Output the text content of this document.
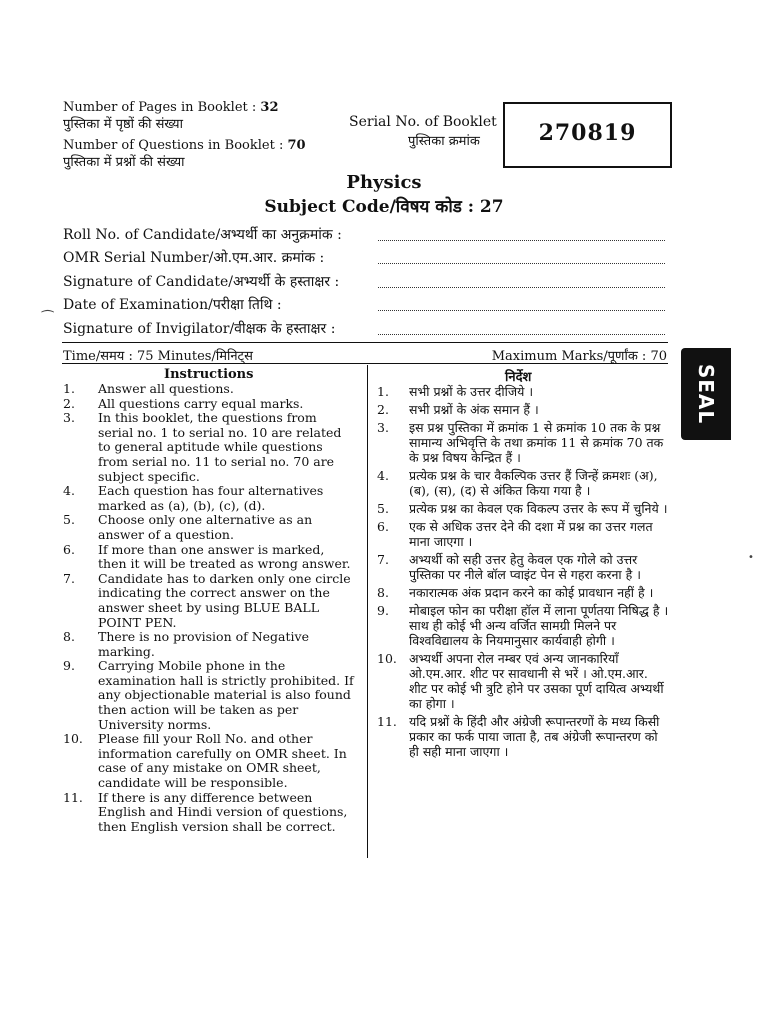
Number of Pages in Booklet : 32
पुस्तिका में पृष्ठों की संख्या
Number of Questions in Booklet : 70
पुस्तिका में प्रश्नों की संख्या
Serial No. of Booklet
पुस्तिका क्रमांक	270819
Physics
Subject Code/विषय कोड : 27
Roll No. of Candidate/अभ्यर्थी का अनुक्रमांक :
OMR Serial Number/ओ.एम.आर. क्रमांक :
Signature of Candidate/अभ्यर्थी के हस्ताक्षर :
Date of Examination/परीक्षा तिथि :
Signature of Invigilator/वीक्षक के हस्ताक्षर :
⁀
Time/समय : 75 Minutes/मिनिट्स	Maximum Marks/पूर्णांक : 70
Instructions
1. Answer all questions.
2. All questions carry equal marks.
3. In this booklet, the questions from serial no. 1 to serial no. 10 are related to general aptitude while questions from serial no. 11 to serial no. 70 are subject specific.
4. Each question has four alternatives marked as (a), (b), (c), (d).
5. Choose only one alternative as an answer of a question.
6. If more than one answer is marked, then it will be treated as wrong answer.
7. Candidate has to darken only one circle indicating the correct answer on the answer sheet by using BLUE BALL POINT PEN.
8. There is no provision of Negative marking.
9. Carrying Mobile phone in the examination hall is strictly prohibited. If any objectionable material is also found then action will be taken as per University norms.
10. Please fill your Roll No. and other information carefully on OMR sheet. In case of any mistake on OMR sheet, candidate will be responsible.
11. If there is any difference between English and Hindi version of questions, then English version shall be correct.
निर्देश
1. सभी प्रश्नों के उत्तर दीजिये ।
2. सभी प्रश्नों के अंक समान हैं ।
3. इस प्रश्न पुस्तिका में क्रमांक 1 से क्रमांक 10 तक के प्रश्न सामान्य अभिवृत्ति के तथा क्रमांक 11 से क्रमांक 70 तक के प्रश्न विषय केन्द्रित हैं ।
4. प्रत्येक प्रश्न के चार वैकल्पिक उत्तर हैं जिन्हें क्रमशः (अ), (ब), (स), (द) से अंकित किया गया है ।
5. प्रत्येक प्रश्न का केवल एक विकल्प उत्तर के रूप में चुनिये ।
6. एक से अधिक उत्तर देने की दशा में प्रश्न का उत्तर गलत माना जाएगा ।
7. अभ्यर्थी को सही उत्तर हेतु केवल एक गोले को उत्तर पुस्तिका पर नीले बॉल प्वाइंट पेन से गहरा करना है ।
8. नकारात्मक अंक प्रदान करने का कोई प्रावधान नहीं है ।
9. मोबाइल फोन का परीक्षा हॉल में लाना पूर्णतया निषिद्ध है । साथ ही कोई भी अन्य वर्जित सामग्री मिलने पर विश्वविद्यालय के नियमानुसार कार्यवाही होगी ।
10. अभ्यर्थी अपना रोल नम्बर एवं अन्य जानकारियाँ ओ.एम.आर. शीट पर सावधानी से भरें । ओ.एम.आर. शीट पर कोई भी त्रुटि होने पर उसका पूर्ण दायित्व अभ्यर्थी का होगा ।
11. यदि प्रश्नों के हिंदी और अंग्रेजी रूपान्तरणों के मध्य किसी प्रकार का फर्क पाया जाता है, तब अंग्रेजी रूपान्तरण को ही सही माना जाएगा ।
SEAL
•
